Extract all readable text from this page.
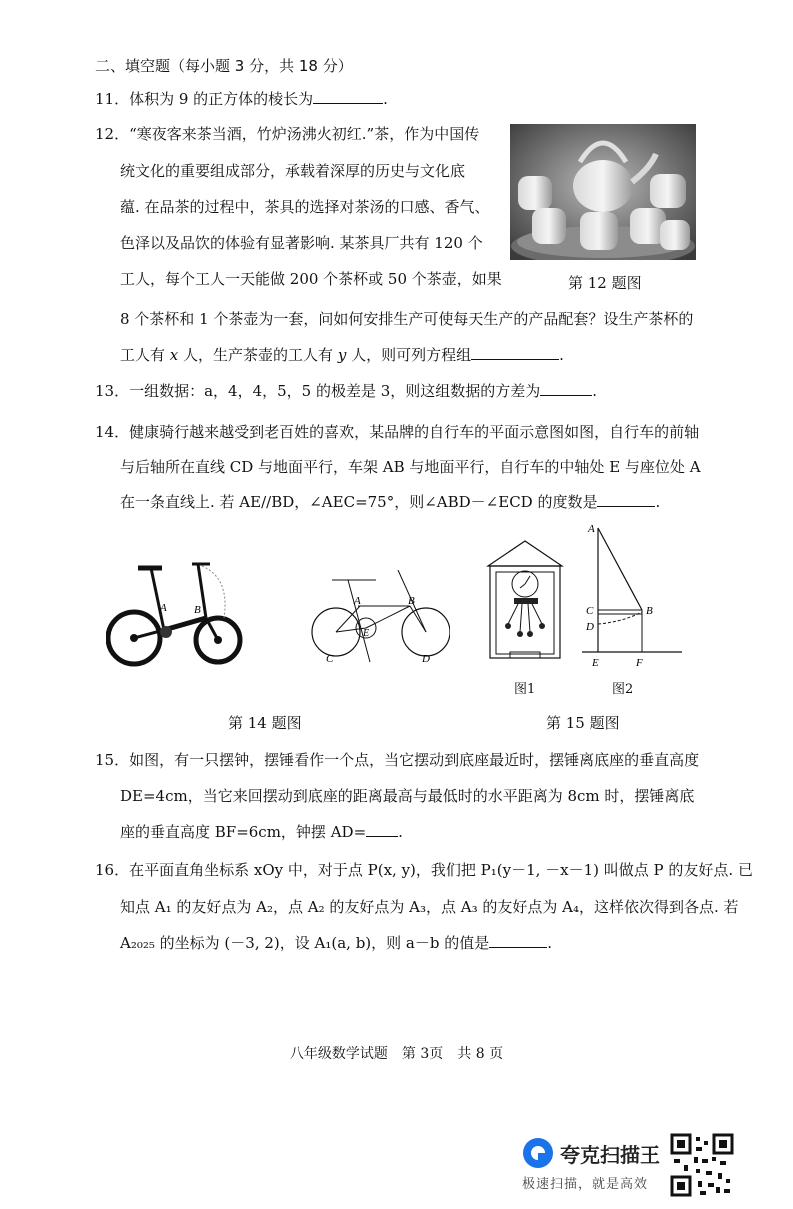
二、填空题（每小题 3 分，共 18 分）
11．体积为 9 的正方体的棱长为	.
12．“寒夜客来茶当酒，竹炉汤沸火初红.”茶，作为中国传
统文化的重要组成部分，承载着深厚的历史与文化底
蕴. 在品茶的过程中，茶具的选择对茶汤的口感、香气、
色泽以及品饮的体验有显著影响. 某茶具厂共有 120 个
工人，每个工人一天能做 200 个茶杯或 50 个茶壶，如果
8 个茶杯和 1 个茶壶为一套，问如何安排生产可使每天生产的产品配套？设生产茶杯的
工人有 x 人，生产茶壶的工人有 y 人，则可列方程组	.
第 12 题图
13．一组数据：a，4，4，5，5 的极差是 3，则这组数据的方差为	.
14．健康骑行越来越受到老百姓的喜欢，某品牌的自行车的平面示意图如图，自行车的前轴
与后轴所在直线 CD 与地面平行，车架 AB 与地面平行，自行车的中轴处 E 与座位处 A
在一条直线上. 若 AE//BD，∠AEC=75°，则∠ABD－∠ECD 的度数是	.
A B
A	B
C	D
E
第 14 题图
图1
A
B
C
D
E	F
图2
第 15 题图
15．如图，有一只摆钟，摆锤看作一个点，当它摆动到底座最近时，摆锤离底座的垂直高度
DE=4cm，当它来回摆动到底座的距离最高与最低时的水平距离为 8cm 时，摆锤离底
座的垂直高度 BF=6cm，钟摆 AD= .
16．在平面直角坐标系 xOy 中，对于点 P(x, y)，我们把 P₁(y－1, －x－1) 叫做点 P 的友好点. 已
知点 A₁ 的友好点为 A₂，点 A₂ 的友好点为 A₃，点 A₃ 的友好点为 A₄，这样依次得到各点. 若
A₂₀₂₅ 的坐标为 (－3, 2)，设 A₁(a, b)，则 a－b 的值是	.
八年级数学试题　第 3页　共 8 页
夸克扫描王
极速扫描，就是高效
